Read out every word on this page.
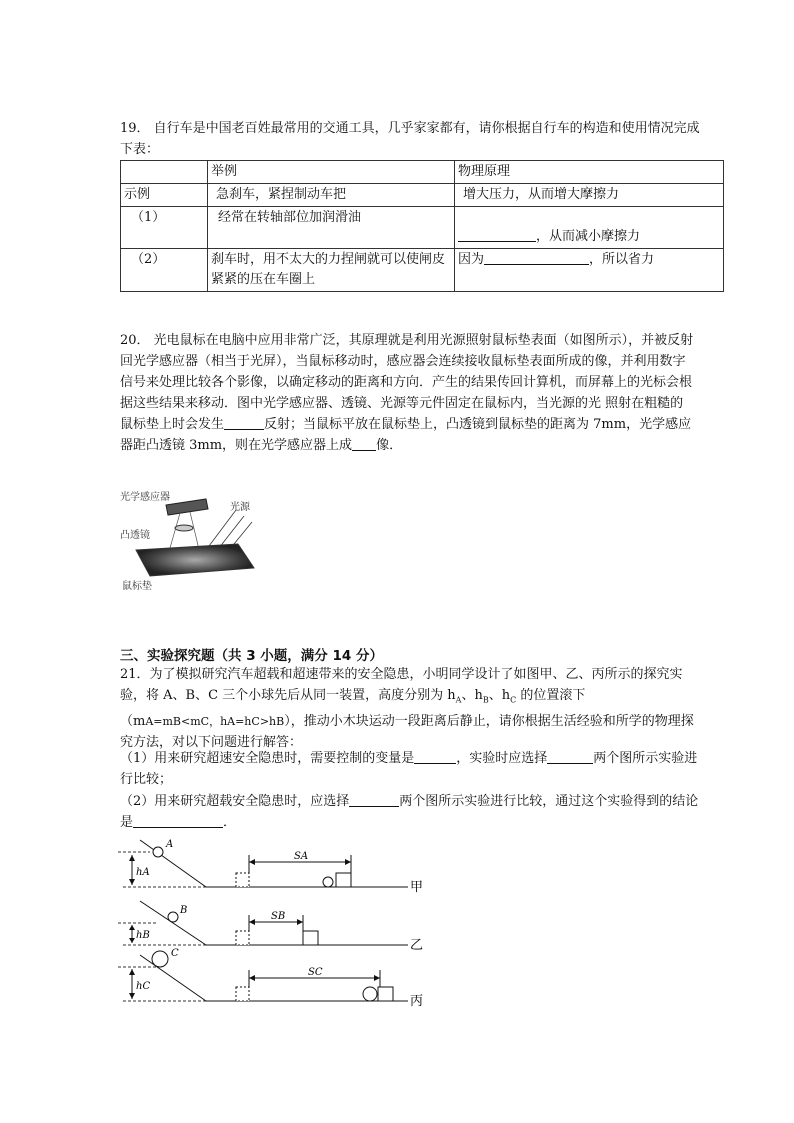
19． 自行车是中国老百姓最常用的交通工具，几乎家家都有，请你根据自行车的构造和使用情况完成下表：
	举例	物理原理
示例	急刹车，紧捏制动车把	增大压力，从而增大摩擦力
（1）	经常在转轴部位加润滑油	，从而减小摩擦力
（2）	刹车时，用不太大的力捏闸就可以使闸皮紧紧的压在车圈上	因为 ，所以省力
20． 光电鼠标在电脑中应用非常广泛，其原理就是利用光源照射鼠标垫表面（如图所示），并被反射回光学感应器（相当于光屏），当鼠标移动时，感应器会连续接收鼠标垫表面所成的像，并利用数字信号来处理比较各个影像，以确定移动的距离和方向．产生的结果传回计算机，而屏幕上的光标会根据这些结果来移动．图中光学感应器、透镜、光源等元件固定在鼠标内，当光源的光 照射在粗糙的鼠标垫上时会发生	反射；当鼠标平放在鼠标垫上，凸透镜到鼠标垫的距离为 7mm，光学感应器距凸透镜 3mm，则在光学感应器上成 像．
光学感应器
凸透镜
光源
鼠标垫
三、实验探究题（共 3 小题，满分 14 分）
21．为了模拟研究汽车超载和超速带来的安全隐患，小明同学设计了如图甲、乙、丙所示的探究实验，将 A、B、C 三个小球先后从同一装置，高度分别为 $h_A$、$h_B$、$h_C$ 的位置滚下
（mA=mB<mC，hA=hC>hB），推动小木块运动一段距离后静止，请你根据生活经验和所学的物理探究方法，对以下问题进行解答：
（1）用来研究超速安全隐患时，需要控制的变量是	，实验时应选择	两个图所示实验进行比较；
（2）用来研究超载安全隐患时，应选择	两个图所示实验进行比较，通过这个实验得到的结论是	．
hA
A
SA
甲
hB
B
SB
乙
hC
C
SC
丙
